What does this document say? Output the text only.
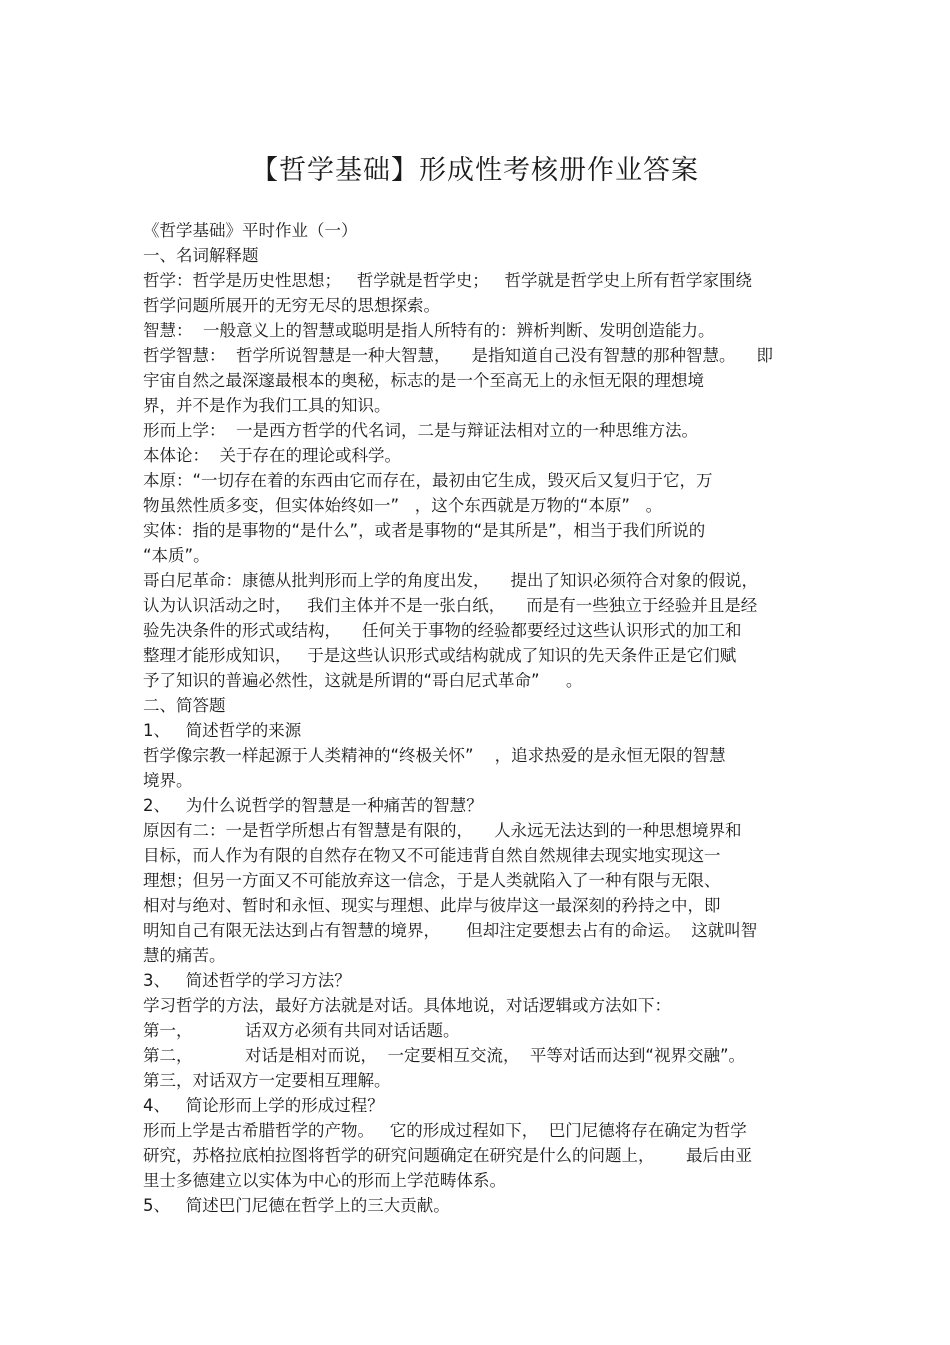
【哲学基础】形成性考核册作业答案
《哲学基础》平时作业（一）
一、名词解释题
哲学：哲学是历史性思想；   哲学就是哲学史；   哲学就是哲学史上所有哲学家围绕
哲学问题所展开的无穷无尽的思想探索。
智慧：  一般意义上的智慧或聪明是指人所特有的：辨析判断、发明创造能力。
哲学智慧：  哲学所说智慧是一种大智慧，    是指知道自己没有智慧的那种智慧。    即
宇宙自然之最深邃最根本的奥秘，标志的是一个至高无上的永恒无限的理想境
界，并不是作为我们工具的知识。
形而上学：  一是西方哲学的代名词，二是与辩证法相对立的一种思维方法。
本体论：  关于存在的理论或科学。
本原：“一切存在着的东西由它而存在，最初由它生成，毁灭后又复归于它，万
物虽然性质多变，但实体始终如一”   ，这个东西就是万物的“本原”   。
实体：指的是事物的“是什么”，或者是事物的“是其所是”，相当于我们所说的
“本质”。
哥白尼革命：康德从批判形而上学的角度出发，    提出了知识必须符合对象的假说，
认为认识活动之时，   我们主体并不是一张白纸，    而是有一些独立于经验并且是经
验先决条件的形式或结构，    任何关于事物的经验都要经过这些认识形式的加工和
整理才能形成知识，   于是这些认识形式或结构就成了知识的先天条件正是它们赋
予了知识的普遍必然性，这就是所谓的“哥白尼式革命”     。
二、简答题
1、   简述哲学的来源
哲学像宗教一样起源于人类精神的“终极关怀”    ，追求热爱的是永恒无限的智慧
境界。
2、   为什么说哲学的智慧是一种痛苦的智慧？
原因有二：一是哲学所想占有智慧是有限的，    人永远无法达到的一种思想境界和
目标，而人作为有限的自然存在物又不可能违背自然自然规律去现实地实现这一
理想；但另一方面又不可能放弃这一信念，于是人类就陷入了一种有限与无限、
相对与绝对、暂时和永恒、现实与理想、此岸与彼岸这一最深刻的矜持之中，即
明知自己有限无法达到占有智慧的境界，     但却注定要想去占有的命运。  这就叫智
慧的痛苦。
3、   简述哲学的学习方法？
学习哲学的方法，最好方法就是对话。具体地说，对话逻辑或方法如下：
第一，          话双方必须有共同对话话题。
第二，          对话是相对而说，  一定要相互交流，  平等对话而达到“视界交融”。
第三，对话双方一定要相互理解。
4、   简论形而上学的形成过程？
形而上学是古希腊哲学的产物。   它的形成过程如下，  巴门尼德将存在确定为哲学
研究，苏格拉底柏拉图将哲学的研究问题确定在研究是什么的问题上，      最后由亚
里士多德建立以实体为中心的形而上学范畴体系。
5、   简述巴门尼德在哲学上的三大贡献。
